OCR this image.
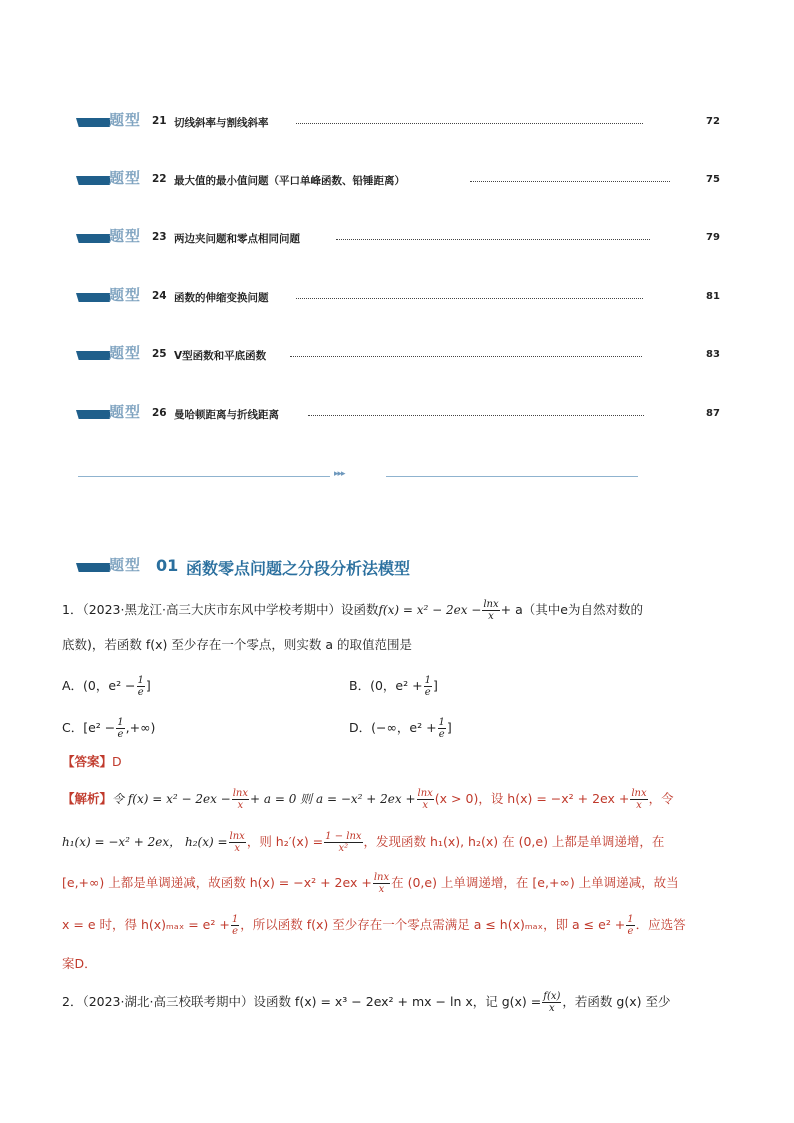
题型 21 切线斜率与割线斜率	72
题型 22 最大值的最小值问题（平口单峰函数、铅锤距离）	75
题型 23 两边夹问题和零点相同问题	79
题型 24 函数的伸缩变换问题	81
题型 25 V型函数和平底函数	83
题型 26 曼哈顿距离与折线距离	87
▸▸▸
题型 01 函数零点问题之分段分析法模型
1．（2023·黑龙江·高三大庆市东风中学校考期中）设函数$f(x) = x^2 - 2ex - \frac{\ln x}{x} + a$（其中e为自然对数的
底数)，若函数 f(x) 至少存在一个零点，则实数 a 的取值范围是
A．(0，$e^2 - \frac{1}{e}$ ]	B．(0，$e^2 + \frac{1}{e}$ ]
C．[$e^2 - \frac{1}{e}$ ,+∞)	D．(−∞，$e^2 + \frac{1}{e}$ ]
【答案】D
【解析】令 $f(x) = x^2 - 2ex - \frac{\ln x}{x} + a = 0$ 则 $a = -x^2 + 2ex + \frac{\ln x}{x} (x > 0)$，设 $h(x) = -x^2 + 2ex + \frac{\ln x}{x}$ ，令
h₁(x) = −x² + 2ex， $h_2(x) = \frac{\ln x}{x}$ ，则 $h_2'(x) = \frac{1 - \ln x}{\text{x²}}$ ，发现函数 h₁(x), h₂(x) 在 (0,e) 上都是单调递增，在
[e,+∞) 上都是单调递减，故函数 $h(x) = -x^2 + 2ex + \frac{\ln x}{x}$ 在 (0,e) 上单调递增，在 [e,+∞) 上单调递减，故当
x = e 时，得 $h(x)_{max} = e^2 + \frac{1}{e}$ ，所以函数 f(x) 至少存在一个零点需满足 a ≤ h(x)ₘₐₓ，即 $a \le e^2 + \frac{1}{e}$ ．应选答
案D．
2．（2023·湖北·高三校联考期中）设函数 f(x) = x³ − 2ex² + mx − ln x，记 $g(x) = \frac{f(x)}{x}$ ，若函数 g(x) 至少
